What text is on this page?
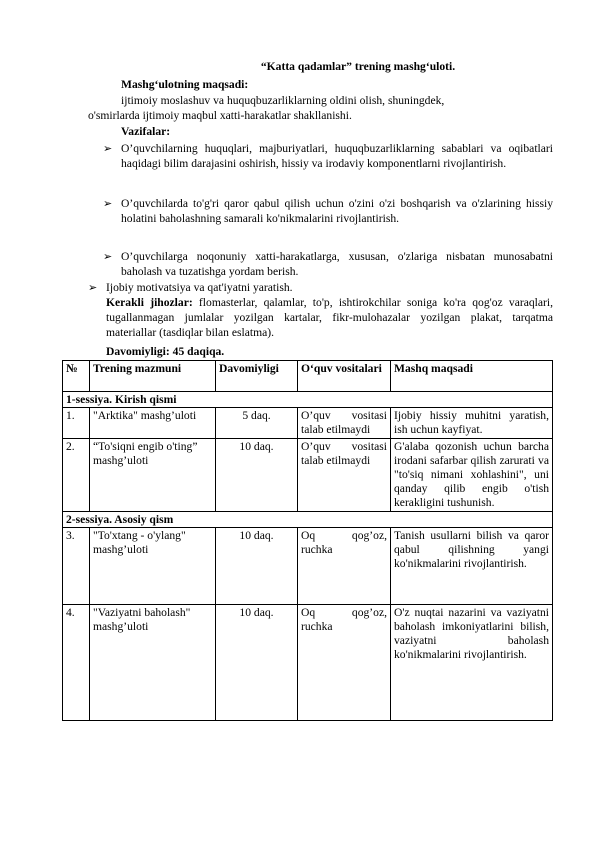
“Katta qadamlar” trening mashg‘uloti.
Mashg‘ulotning maqsadi:
ijtimoiy moslashuv va huquqbuzarliklarning oldini olish, shuningdek,
o'smirlarda ijtimoiy maqbul xatti-harakatlar shakllanishi.
Vazifalar:
➢ O’quvchilarning huquqlari, majburiyatlari, huquqbuzarliklarning sabablari va oqibatlari haqidagi bilim darajasini oshirish, hissiy va irodaviy komponentlarni rivojlantirish.
➢ O’quvchilarda to'g'ri qaror qabul qilish uchun o'zini o'zi boshqarish va o'zlarining hissiy holatini baholashning samarali ko'nikmalarini rivojlantirish.
➢ O’quvchilarga noqonuniy xatti-harakatlarga, xususan, o'zlariga nisbatan munosabatni baholash va tuzatishga yordam berish.
➢ Ijobiy motivatsiya va qat'iyatni yaratish.
Kerakli jihozlar: flomasterlar, qalamlar, to'p, ishtirokchilar soniga ko'ra qog'oz varaqlari, tugallanmagan jumlalar yozilgan kartalar, fikr-mulohazalar yozilgan plakat, tarqatma materiallar (tasdiqlar bilan eslatma).
Davomiyligi: 45 daqiqa.
№	Trening mazmuni	Davomiyligi	O‘quv vositalari	Mashq maqsadi
1-sessiya. Kirish qismi				
1.	"Arktika" mashg’uloti	5 daq.	O’quv vositasi talab etilmaydi	Ijobiy hissiy muhitni yaratish, ish uchun kayfiyat.
2.	“To'siqni engib o'ting” mashg’uloti	10 daq.	O’quv vositasi talab etilmaydi	G'alaba qozonish uchun barcha irodani safarbar qilish zarurati va "to'siq nimani xohlashini", uni qanday qilib engib o'tish kerakligini tushunish.
2-sessiya. Asosiy qism				
3.	"To'xtang - o'ylang" mashg’uloti	10 daq.	Oq qog’oz, ruchka	Tanish usullarni bilish va qaror qabul qilishning yangi ko'nikmalarini rivojlantirish.
4.	"Vaziyatni baholash" mashg’uloti	10 daq.	Oq qog’oz, ruchka	O'z nuqtai nazarini va vaziyatni baholash imkoniyatlarini bilish, vaziyatni baholash ko'nikmalarini rivojlantirish.
